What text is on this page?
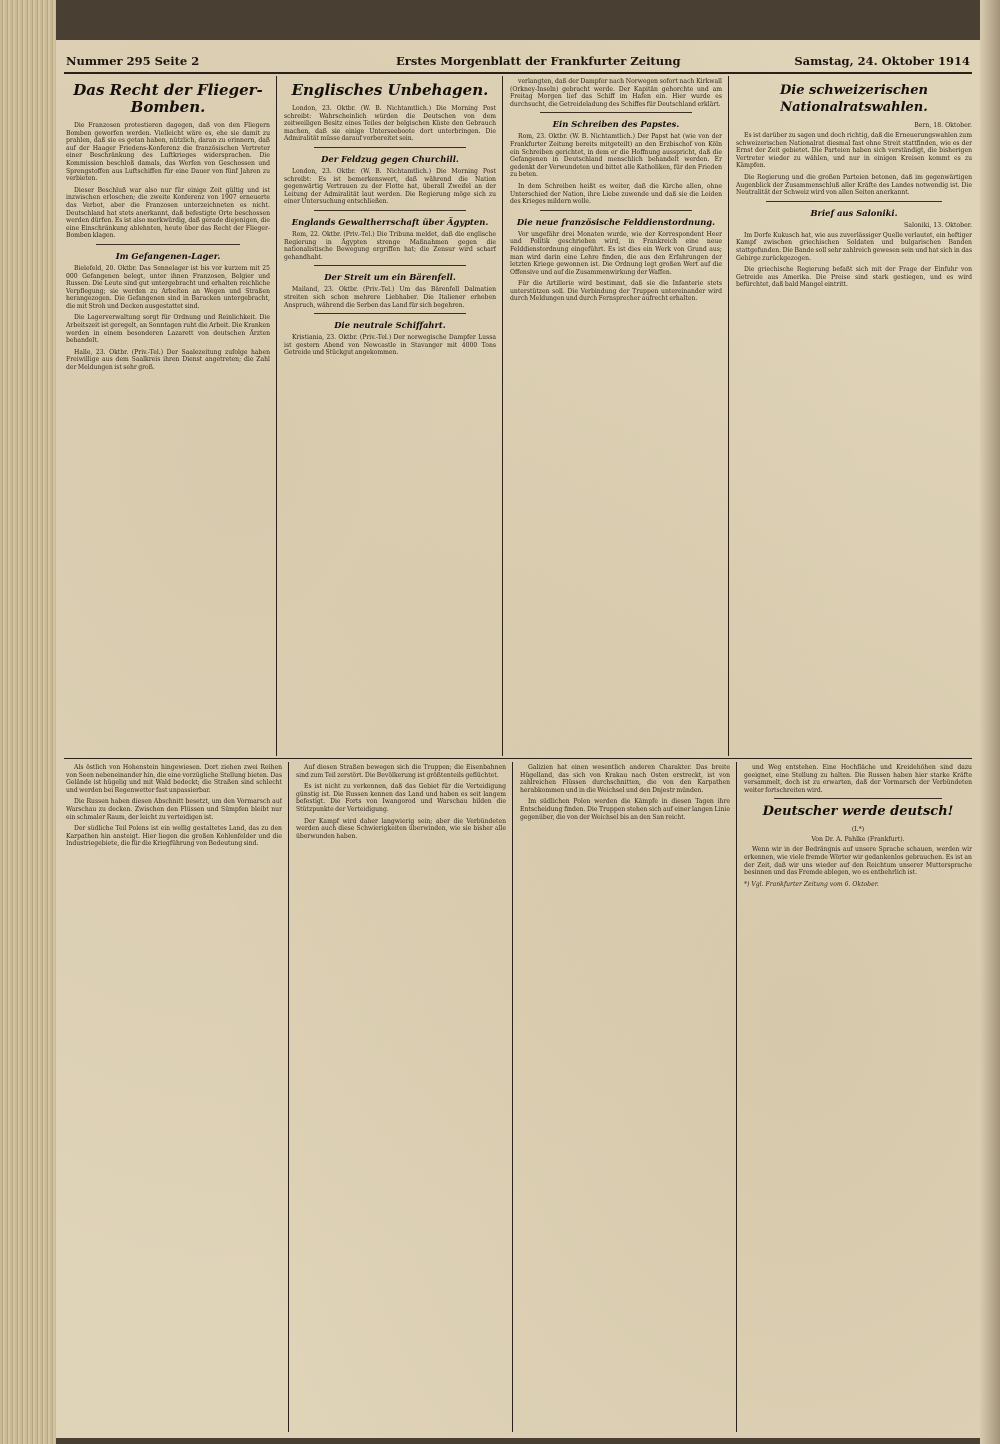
Nummer 295 Seite 2	Erstes Morgenblatt der Frankfurter Zeitung	Samstag, 24. Oktober 1914
Das Recht der Flieger-Bomben.

Die Franzosen protestieren dagegen, daß von den Fliegern Bomben geworfen werden. Vielleicht wäre es, ehe sie damit zu prahlen, daß sie es getan haben, nützlich, daran zu erinnern, daß auf der Haager Friedens-Konferenz die französischen Vertreter einer Beschränkung des Luftkrieges widersprachen. Die Kommission beschloß damals, das Werfen von Geschossen und Sprengstoffen aus Luftschiffen für eine Dauer von fünf Jahren zu verbieten.

Dieser Beschluß war also nur für einige Zeit gültig und ist inzwischen erloschen; die zweite Konferenz von 1907 erneuerte das Verbot, aber die Franzosen unterzeichneten es nicht. Deutschland hat stets anerkannt, daß befestigte Orte beschossen werden dürfen. Es ist also merkwürdig, daß gerade diejenigen, die eine Einschränkung ablehnten, heute über das Recht der Flieger-Bomben klagen.

Im Gefangenen-Lager.

Bielefeld, 20. Oktbr. Das Sennelager ist bis vor kurzem mit 25 000 Gefangenen belegt, unter ihnen Franzosen, Belgier und Russen. Die Leute sind gut untergebracht und erhalten reichliche Verpflegung; sie werden zu Arbeiten an Wegen und Straßen herangezogen. Die Gefangenen sind in Baracken untergebracht, die mit Stroh und Decken ausgestattet sind.

Die Lagerverwaltung sorgt für Ordnung und Reinlichkeit. Die Arbeitszeit ist geregelt, an Sonntagen ruht die Arbeit. Die Kranken werden in einem besonderen Lazarett von deutschen Ärzten behandelt.

Halle, 23. Oktbr. (Priv.-Tel.) Der Saalezeitung zufolge haben Freiwillige aus dem Saalkreis ihren Dienst angetreten; die Zahl der Meldungen ist sehr groß.

Englisches Unbehagen.

London, 23. Oktbr. (W. B. Nichtamtlich.) Die Morning Post schreibt: Wahrscheinlich würden die Deutschen von dem zeitweiligen Besitz eines Teiles der belgischen Küste den Gebrauch machen, daß sie einige Unterseeboote dort unterbringen. Die Admiralität müsse darauf vorbereitet sein.

Der Feldzug gegen Churchill.

London, 23. Oktbr. (W. B. Nichtamtlich.) Die Morning Post schreibt: Es ist bemerkenswert, daß während die Nation gegenwärtig Vertrauen zu der Flotte hat, überall Zweifel an der Leitung der Admiralität laut werden. Die Regierung möge sich zu einer Untersuchung entschließen.

Englands Gewaltherrschaft über Ägypten.

Rom, 22. Oktbr. (Priv.-Tel.) Die Tribuna meldet, daß die englische Regierung in Ägypten strenge Maßnahmen gegen die nationalistische Bewegung ergriffen hat; die Zensur wird scharf gehandhabt.

Der Streit um ein Bärenfell.

Mailand, 23. Oktbr. (Priv.-Tel.) Um das Bärenfell Dalmatien streiten sich schon mehrere Liebhaber. Die Italiener erheben Anspruch, während die Serben das Land für sich begehren.

Die neutrale Schiffahrt.

Kristiania, 23. Oktbr. (Priv.-Tel.) Der norwegische Dampfer Lussa ist gestern Abend von Newcastle in Stavanger mit 4000 Tons Getreide und Stückgut angekommen.

verlangten, daß der Dampfer nach Norwegen sofort nach Kirkwall (Orkney-Inseln) gebracht werde. Der Kapitän gehorchte und am Freitag Morgen lief das Schiff im Hafen ein. Hier wurde es durchsucht, die Getreideladung des Schiffes für Deutschland erklärt.

Ein Schreiben des Papstes.

Rom, 23. Oktbr. (W. B. Nichtamtlich.) Der Papst hat (wie von der Frankfurter Zeitung bereits mitgeteilt) an den Erzbischof von Köln ein Schreiben gerichtet, in dem er die Hoffnung ausspricht, daß die Gefangenen in Deutschland menschlich behandelt werden. Er gedenkt der Verwundeten und bittet alle Katholiken, für den Frieden zu beten.

In dem Schreiben heißt es weiter, daß die Kirche allen, ohne Unterschied der Nation, ihre Liebe zuwende und daß sie die Leiden des Krieges mildern wolle.

Die neue französische Felddienstordnung.

Vor ungefähr drei Monaten wurde, wie der Korrespondent Heer und Politik geschrieben wird, in Frankreich eine neue Felddienstordnung eingeführt. Es ist dies ein Werk von Grund aus; man wird darin eine Lehre finden, die aus den Erfahrungen der letzten Kriege gewonnen ist. Die Ordnung legt großen Wert auf die Offensive und auf die Zusammenwirkung der Waffen.

Für die Artillerie wird bestimmt, daß sie die Infanterie stets unterstützen soll. Die Verbindung der Truppen untereinander wird durch Meldungen und durch Fernsprecher aufrecht erhalten.

Die schweizerischen Nationalratswahlen.
Bern, 18. Oktober.

Es ist darüber zu sagen und doch richtig, daß die Erneuerungswahlen zum schweizerischen Nationalrat diesmal fast ohne Streit stattfinden, wie es der Ernst der Zeit gebietet. Die Parteien haben sich verständigt, die bisherigen Vertreter wieder zu wählen, und nur in einigen Kreisen kommt es zu Kämpfen.

Die Regierung und die großen Parteien betonen, daß im gegenwärtigen Augenblick der Zusammenschluß aller Kräfte des Landes notwendig ist. Die Neutralität der Schweiz wird von allen Seiten anerkannt.

Brief aus Saloniki.
Saloniki, 13. Oktober.

Im Dorfe Kukusch hat, wie aus zuverlässiger Quelle verlautet, ein heftiger Kampf zwischen griechischen Soldaten und bulgarischen Banden stattgefunden. Die Bande soll sehr zahlreich gewesen sein und hat sich in das Gebirge zurückgezogen.

Die griechische Regierung befaßt sich mit der Frage der Einfuhr von Getreide aus Amerika. Die Preise sind stark gestiegen, und es wird befürchtet, daß bald Mangel eintritt.

Als östlich von Hohenstein hingewiesen. Dort ziehen zwei Reihen von Seen nebeneinander hin, die eine vorzügliche Stellung bieten. Das Gelände ist hügelig und mit Wald bedeckt; die Straßen sind schlecht und werden bei Regenwetter fast unpassierbar.

Die Russen haben diesen Abschnitt besetzt, um den Vormarsch auf Warschau zu decken. Zwischen den Flüssen und Sümpfen bleibt nur ein schmaler Raum, der leicht zu verteidigen ist.

Der südliche Teil Polens ist ein wellig gestaltetes Land, das zu den Karpathen hin ansteigt. Hier liegen die großen Kohlenfelder und die Industriegebiete, die für die Kriegführung von Bedeutung sind.

Auf diesen Straßen bewegen sich die Truppen; die Eisenbahnen sind zum Teil zerstört. Die Bevölkerung ist größtenteils geflüchtet.

Es ist nicht zu verkennen, daß das Gebiet für die Verteidigung günstig ist. Die Russen kennen das Land und haben es seit langem befestigt. Die Forts von Iwangorod und Warschau bilden die Stützpunkte der Verteidigung.

Der Kampf wird daher langwierig sein; aber die Verbündeten werden auch diese Schwierigkeiten überwinden, wie sie bisher alle überwunden haben.

Galizien hat einen wesentlich anderen Charakter. Das breite Hügelland, das sich von Krakau nach Osten erstreckt, ist von zahlreichen Flüssen durchschnitten, die von den Karpathen herabkommen und in die Weichsel und den Dnjestr münden.

Im südlichen Polen werden die Kämpfe in diesen Tagen ihre Entscheidung finden. Die Truppen stehen sich auf einer langen Linie gegenüber, die von der Weichsel bis an den San reicht.

und Weg entstehen. Eine Hochfläche und Kreidehöhen sind dazu geeignet, eine Stellung zu halten. Die Russen haben hier starke Kräfte versammelt, doch ist zu erwarten, daß der Vormarsch der Verbündeten weiter fortschreiten wird.

Deutscher werde deutsch!
(I.*)
Von Dr. A. Pahlke (Frankfurt).

Wenn wir in der Bedrängnis auf unsere Sprache schauen, werden wir erkennen, wie viele fremde Wörter wir gedankenlos gebrauchen. Es ist an der Zeit, daß wir uns wieder auf den Reichtum unserer Muttersprache besinnen und das Fremde ablegen, wo es entbehrlich ist.

*) Vgl. Frankfurter Zeitung vom 6. Oktober.
